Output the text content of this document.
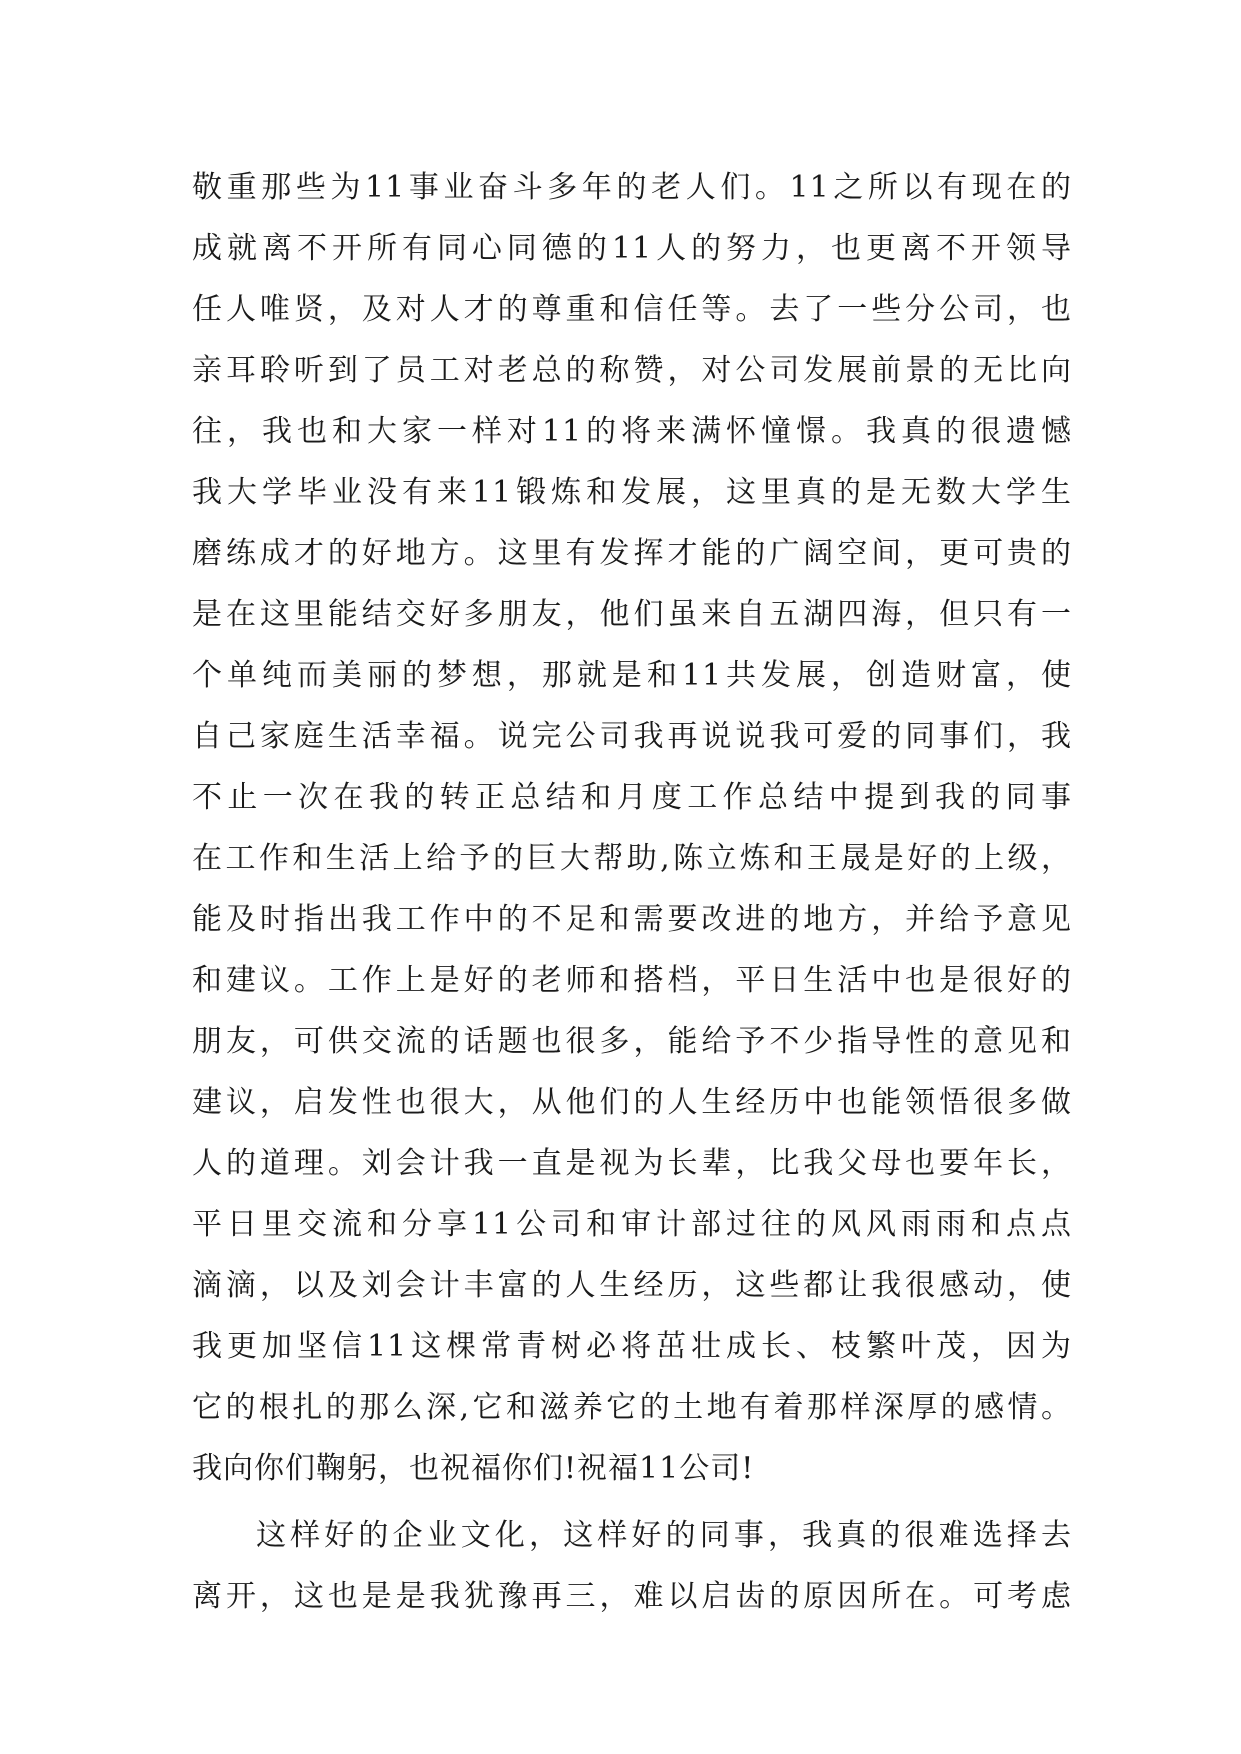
敬重那些为11事业奋斗多年的老人们。11之所以有现在的
成就离不开所有同心同德的11人的努力，也更离不开领导
任人唯贤，及对人才的尊重和信任等。去了一些分公司，也
亲耳聆听到了员工对老总的称赞，对公司发展前景的无比向
往，我也和大家一样对11的将来满怀憧憬。我真的很遗憾
我大学毕业没有来11锻炼和发展，这里真的是无数大学生
磨练成才的好地方。这里有发挥才能的广阔空间，更可贵的
是在这里能结交好多朋友，他们虽来自五湖四海，但只有一
个单纯而美丽的梦想，那就是和11共发展，创造财富，使
自己家庭生活幸福。说完公司我再说说我可爱的同事们，我
不止一次在我的转正总结和月度工作总结中提到我的同事
在工作和生活上给予的巨大帮助,陈立炼和王晟是好的上级，
能及时指出我工作中的不足和需要改进的地方，并给予意见
和建议。工作上是好的老师和搭档，平日生活中也是很好的
朋友，可供交流的话题也很多，能给予不少指导性的意见和
建议，启发性也很大，从他们的人生经历中也能领悟很多做
人的道理。刘会计我一直是视为长辈，比我父母也要年长，
平日里交流和分享11公司和审计部过往的风风雨雨和点点
滴滴，以及刘会计丰富的人生经历，这些都让我很感动，使
我更加坚信11这棵常青树必将茁壮成长、枝繁叶茂，因为
它的根扎的那么深,它和滋养它的土地有着那样深厚的感情。
我向你们鞠躬，也祝福你们!祝福11公司!
这样好的企业文化，这样好的同事，我真的很难选择去
离开，这也是是我犹豫再三，难以启齿的原因所在。可考虑
